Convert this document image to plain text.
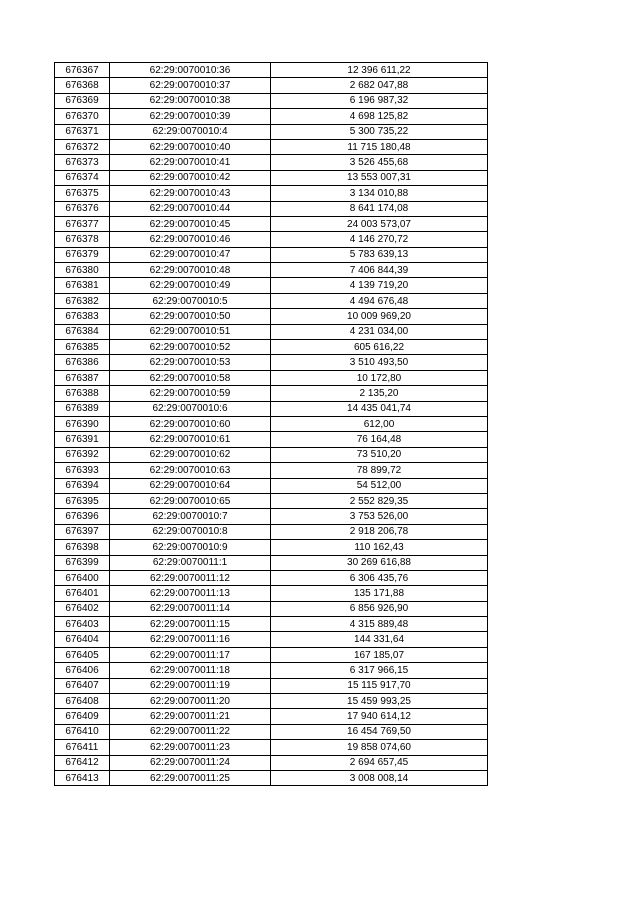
676367	62:29:0070010:36	12 396 611,22
676368	62:29:0070010:37	2 682 047,88
676369	62:29:0070010:38	6 196 987,32
676370	62:29:0070010:39	4 698 125,82
676371	62:29:0070010:4	5 300 735,22
676372	62:29:0070010:40	11 715 180,48
676373	62:29:0070010:41	3 526 455,68
676374	62:29:0070010:42	13 553 007,31
676375	62:29:0070010:43	3 134 010,88
676376	62:29:0070010:44	8 641 174,08
676377	62:29:0070010:45	24 003 573,07
676378	62:29:0070010:46	4 146 270,72
676379	62:29:0070010:47	5 783 639,13
676380	62:29:0070010:48	7 406 844,39
676381	62:29:0070010:49	4 139 719,20
676382	62:29:0070010:5	4 494 676,48
676383	62:29:0070010:50	10 009 969,20
676384	62:29:0070010:51	4 231 034,00
676385	62:29:0070010:52	605 616,22
676386	62:29:0070010:53	3 510 493,50
676387	62:29:0070010:58	10 172,80
676388	62:29:0070010:59	2 135,20
676389	62:29:0070010:6	14 435 041,74
676390	62:29:0070010:60	612,00
676391	62:29:0070010:61	76 164,48
676392	62:29:0070010:62	73 510,20
676393	62:29:0070010:63	78 899,72
676394	62:29:0070010:64	54 512,00
676395	62:29:0070010:65	2 552 829,35
676396	62:29:0070010:7	3 753 526,00
676397	62:29:0070010:8	2 918 206,78
676398	62:29:0070010:9	110 162,43
676399	62:29:0070011:1	30 269 616,88
676400	62:29:0070011:12	6 306 435,76
676401	62:29:0070011:13	135 171,88
676402	62:29:0070011:14	6 856 926,90
676403	62:29:0070011:15	4 315 889,48
676404	62:29:0070011:16	144 331,64
676405	62:29:0070011:17	167 185,07
676406	62:29:0070011:18	6 317 966,15
676407	62:29:0070011:19	15 115 917,70
676408	62:29:0070011:20	15 459 993,25
676409	62:29:0070011:21	17 940 614,12
676410	62:29:0070011:22	16 454 769,50
676411	62:29:0070011:23	19 858 074,60
676412	62:29:0070011:24	2 694 657,45
676413	62:29:0070011:25	3 008 008,14
